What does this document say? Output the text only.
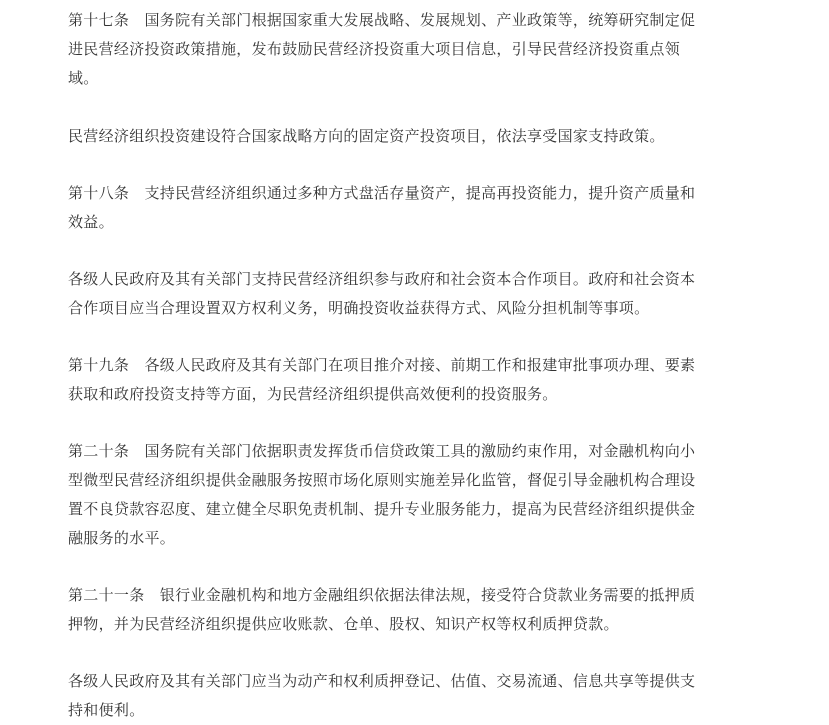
第十七条　国务院有关部门根据国家重大发展战略、发展规划、产业政策等，统筹研究制定促
进民营经济投资政策措施，发布鼓励民营经济投资重大项目信息，引导民营经济投资重点领
域。
民营经济组织投资建设符合国家战略方向的固定资产投资项目，依法享受国家支持政策。
第十八条　支持民营经济组织通过多种方式盘活存量资产，提高再投资能力，提升资产质量和
效益。
各级人民政府及其有关部门支持民营经济组织参与政府和社会资本合作项目。政府和社会资本
合作项目应当合理设置双方权利义务，明确投资收益获得方式、风险分担机制等事项。
第十九条　各级人民政府及其有关部门在项目推介对接、前期工作和报建审批事项办理、要素
获取和政府投资支持等方面，为民营经济组织提供高效便利的投资服务。
第二十条　国务院有关部门依据职责发挥货币信贷政策工具的激励约束作用，对金融机构向小
型微型民营经济组织提供金融服务按照市场化原则实施差异化监管，督促引导金融机构合理设
置不良贷款容忍度、建立健全尽职免责机制、提升专业服务能力，提高为民营经济组织提供金
融服务的水平。
第二十一条　银行业金融机构和地方金融组织依据法律法规，接受符合贷款业务需要的抵押质
押物，并为民营经济组织提供应收账款、仓单、股权、知识产权等权利质押贷款。
各级人民政府及其有关部门应当为动产和权利质押登记、估值、交易流通、信息共享等提供支
持和便利。
